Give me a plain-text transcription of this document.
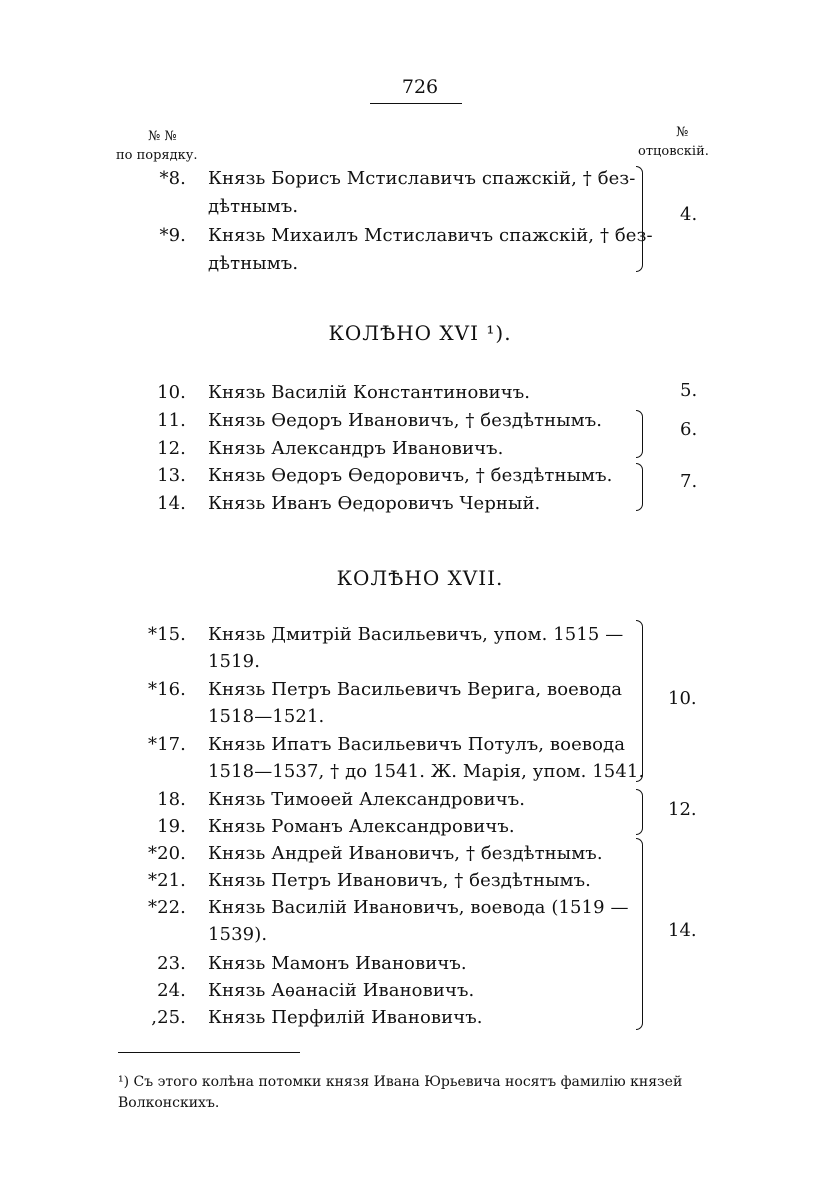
726
№ №
по порядку.
№
отцовскій.
*8. Князь Борисъ Мстиславичъ спажскій, † без-
дѣтнымъ.
*9. Князь Михаилъ Мстиславичъ спажскій, † без-
дѣтнымъ.
4.
КОЛѢНО XVI ¹).
10. Князь Василій Константиновичъ.	5.
11. Князь Ѳедоръ Ивановичъ, † бездѣтнымъ.
12. Князь Александръ Ивановичъ.
6.
13. Князь Ѳедоръ Ѳедоровичъ, † бездѣтнымъ.
14. Князь Иванъ Ѳедоровичъ Черный.
7.
КОЛѢНО XVII.
*15. Князь Дмитрій Васильевичъ, упом. 1515 —
1519.
*16. Князь Петръ Васильевичъ Верига, воевода
1518—1521.
*17. Князь Ипатъ Васильевичъ Потулъ, воевода
1518—1537, † до 1541. Ж. Марія, упом. 1541.
10.
18. Князь Тимоѳей Александровичъ.
19. Князь Романъ Александровичъ.
12.
*20. Князь Андрей Ивановичъ, † бездѣтнымъ.
*21. Князь Петръ Ивановичъ, † бездѣтнымъ.
*22. Князь Василій Ивановичъ, воевода (1519 —
1539).
23. Князь Мамонъ Ивановичъ.
24. Князь Аѳанасій Ивановичъ.
,25. Князь Перфилій Ивановичъ.
14.
¹) Съ этого колѣна потомки князя Ивана Юрьевича носятъ фамилію князей Волконскихъ.
